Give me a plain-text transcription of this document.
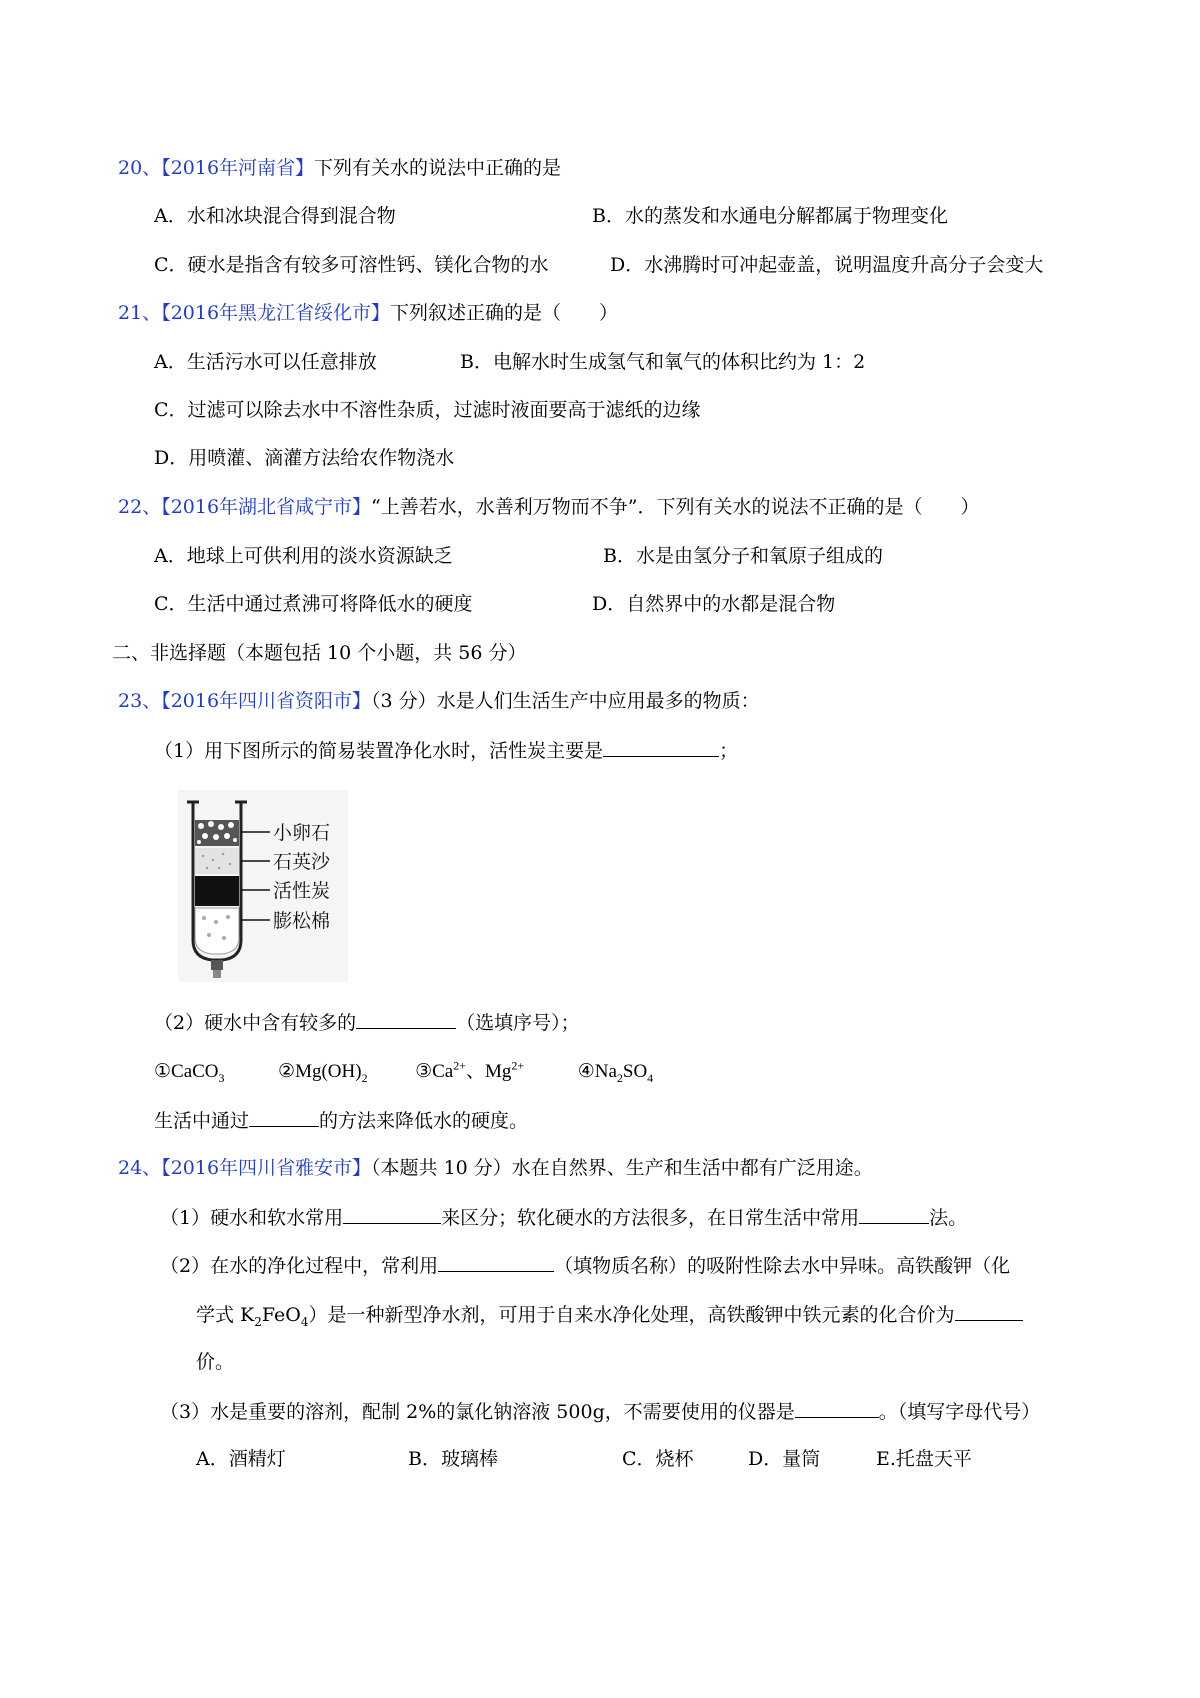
20、【2016年河南省】下列有关水的说法中正确的是
A．水和冰块混合得到混合物	B．水的蒸发和水通电分解都属于物理变化
C．硬水是指含有较多可溶性钙、镁化合物的水	D．水沸腾时可冲起壶盖，说明温度升高分子会变大
21、【2016年黑龙江省绥化市】下列叙述正确的是（　　）
A．生活污水可以任意排放	B．电解水时生成氢气和氧气的体积比约为 1：2
C．过滤可以除去水中不溶性杂质，过滤时液面要高于滤纸的边缘
D．用喷灌、滴灌方法给农作物浇水
22、【2016年湖北省咸宁市】“上善若水，水善利万物而不争”．下列有关水的说法不正确的是（　　）
A．地球上可供利用的淡水资源缺乏	B．水是由氢分子和氧原子组成的
C．生活中通过煮沸可将降低水的硬度	D．自然界中的水都是混合物
二、非选择题（本题包括 10 个小题，共 56 分）
23、【2016年四川省资阳市】（3 分）水是人们生活生产中应用最多的物质：
（1）用下图所示的简易装置净化水时，活性炭主要是	；
小卵石
石英沙
活性炭
膨松棉
（2）硬水中含有较多的	（选填序号）；
①CaCO$_3$	$②Mg(OH)_2$	$③Ca^{2+}$、$Mg^{2+}$	$④Na_2SO_4$
生活中通过	的方法来降低水的硬度。
24、【2016年四川省雅安市】（本题共 10 分）水在自然界、生产和生活中都有广泛用途。
（1）硬水和软水常用	来区分；软化硬水的方法很多，在日常生活中常用	法。
（2）在水的净化过程中，常利用	（填物质名称）的吸附性除去水中异味。高铁酸钾（化
学式 $K_2FeO_4$）是一种新型净水剂，可用于自来水净化处理，高铁酸钾中铁元素的化合价为
价。
（3）水是重要的溶剂，配制 2%的氯化钠溶液 500g，不需要使用的仪器是	。（填写字母代号）
A．酒精灯	B．玻璃棒	C．烧杯	D．量筒	E.托盘天平
